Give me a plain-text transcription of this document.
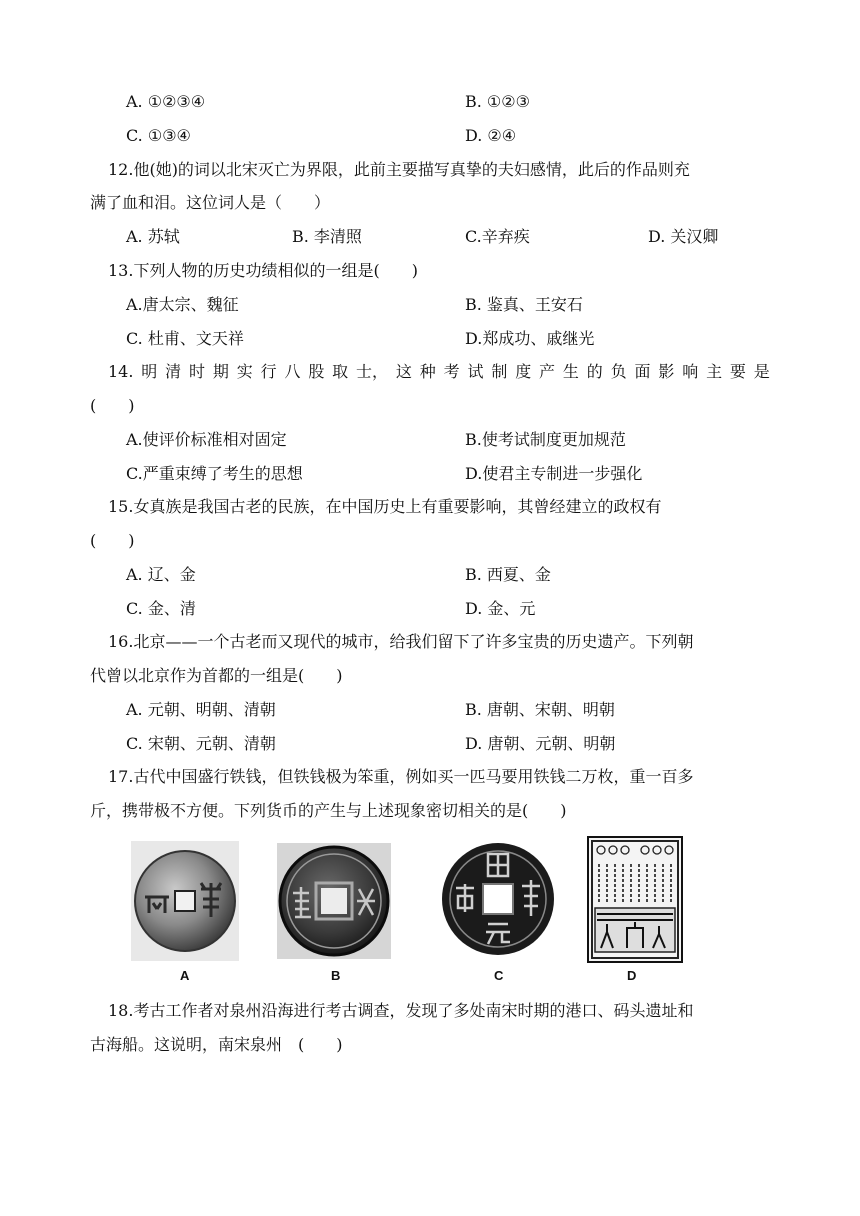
A. ①②③④	B. ①②③
C. ①③④	D. ②④
12.他(她)的词以北宋灭亡为界限，此前主要描写真挚的夫妇感情，此后的作品则充
满了血和泪。这位词人是（　　）
A. 苏轼	B. 李清照	C.辛弃疾	D. 关汉卿
13.下列人物的历史功绩相似的一组是(　　)
A.唐太宗、魏征	B. 鉴真、王安石
C. 杜甫、文天祥	D.郑成功、戚继光
14. 明 清 时 期 实 行 八 股 取 士， 这 种 考 试 制 度 产 生 的 负 面 影 响 主 要 是
(　　)
A.使评价标准相对固定	B.使考试制度更加规范
C.严重束缚了考生的思想	D.使君主专制进一步强化
15.女真族是我国古老的民族，在中国历史上有重要影响，其曾经建立的政权有
(　　)
A. 辽、金	B. 西夏、金
C. 金、清	D. 金、元
16.北京——一个古老而又现代的城市，给我们留下了许多宝贵的历史遗产。下列朝
代曾以北京作为首都的一组是(　　)
A. 元朝、明朝、清朝	B. 唐朝、宋朝、明朝
C. 宋朝、元朝、清朝	D. 唐朝、元朝、明朝
17.古代中国盛行铁钱，但铁钱极为笨重，例如买一匹马要用铁钱二万枚，重一百多
斤，携带极不方便。下列货币的产生与上述现象密切相关的是(　　)
A	B	C	D
18.考古工作者对泉州沿海进行考古调查，发现了多处南宋时期的港口、码头遗址和
古海船。这说明，南宋泉州　(　　)
